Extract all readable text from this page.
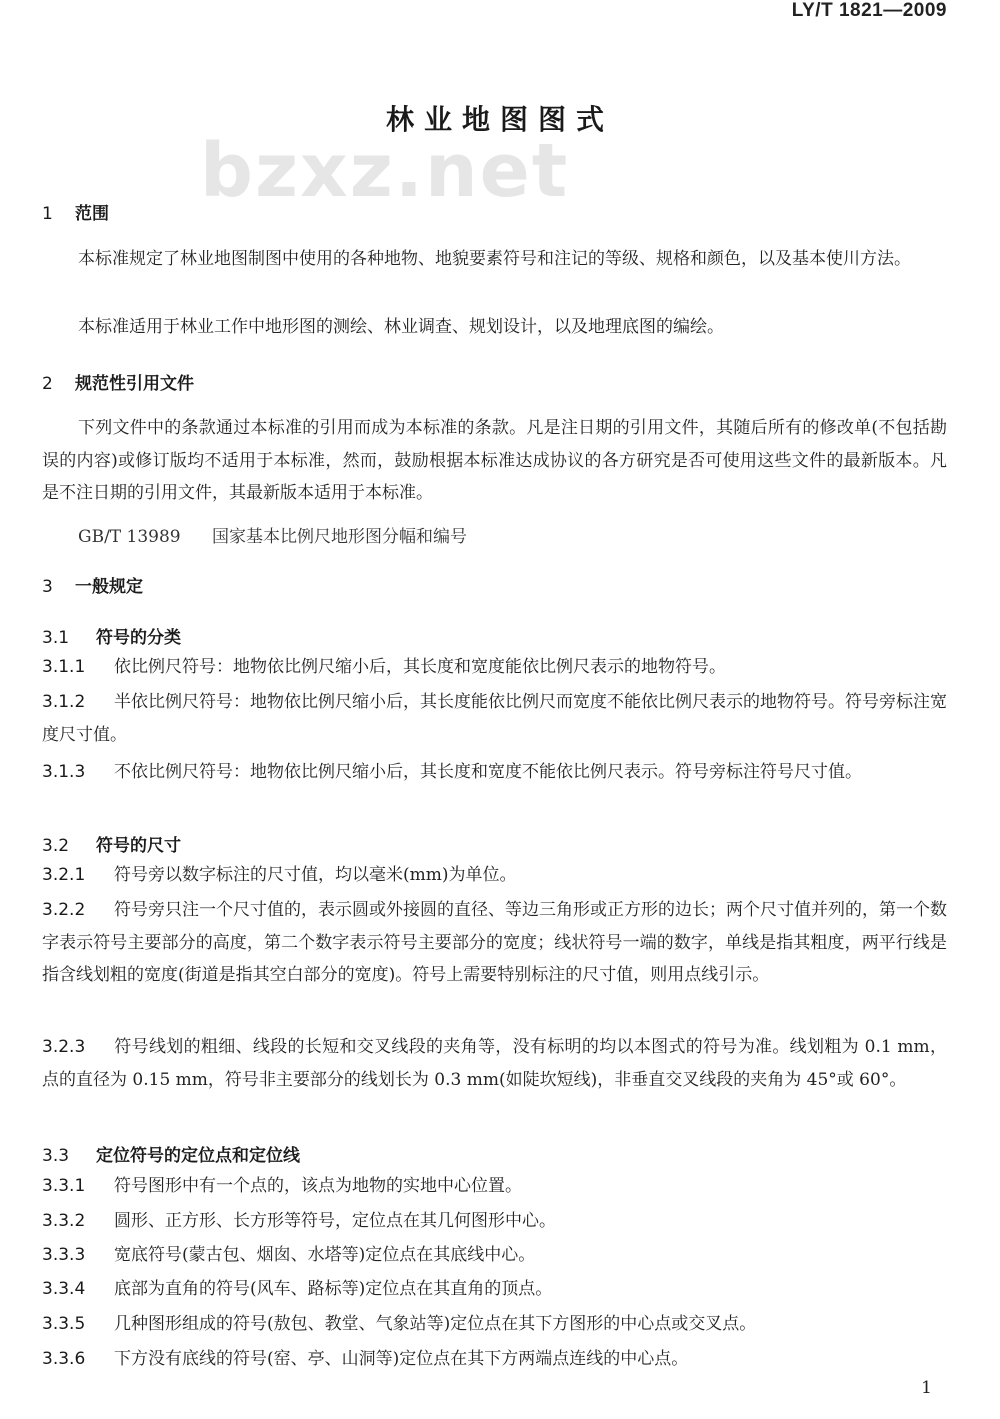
LY/T 1821—2009
bzxz.net
林业地图图式
1 范围

本标准规定了林业地图制图中使用的各种地物、地貌要素符号和注记的等级、规格和颜色，以及基本使川方法。

本标准适用于林业工作中地形图的测绘、林业调查、规划设计，以及地理底图的编绘。

2 规范性引用文件

下列文件中的条款通过本标准的引用而成为本标准的条款。凡是注日期的引用文件，其随后所有的修改单(不包括勘误的内容)或修订版均不适用于本标准，然而，鼓励根据本标准达成协议的各方研究是否可使用这些文件的最新版本。凡是不注日期的引用文件，其最新版本适用于本标准。

GB/T 13989 国家基本比例尺地形图分幅和编号
3 一般规定
3.1 符号的分类

3.1.1 依比例尺符号：地物依比例尺缩小后，其长度和宽度能依比例尺表示的地物符号。

3.1.2 半依比例尺符号：地物依比例尺缩小后，其长度能依比例尺而宽度不能依比例尺表示的地物符号。符号旁标注宽度尺寸值。

3.1.3 不依比例尺符号：地物依比例尺缩小后，其长度和宽度不能依比例尺表示。符号旁标注符号尺寸值。

3.2 符号的尺寸

3.2.1 符号旁以数字标注的尺寸值，均以毫米(mm)为单位。

3.2.2 符号旁只注一个尺寸值的，表示圆或外接圆的直径、等边三角形或正方形的边长；两个尺寸值并列的，第一个数字表示符号主要部分的高度，第二个数字表示符号主要部分的宽度；线状符号一端的数字，单线是指其粗度，两平行线是指含线划粗的宽度(街道是指其空白部分的宽度)。符号上需要特别标注的尺寸值，则用点线引示。

3.2.3 符号线划的粗细、线段的长短和交叉线段的夹角等，没有标明的均以本图式的符号为准。线划粗为 0.1 mm，点的直径为 0.15 mm，符号非主要部分的线划长为 0.3 mm(如陡坎短线)，非垂直交叉线段的夹角为 45°或 60°。

3.3 定位符号的定位点和定位线

3.3.1 符号图形中有一个点的，该点为地物的实地中心位置。

3.3.2 圆形、正方形、长方形等符号，定位点在其几何图形中心。

3.3.3 宽底符号(蒙古包、烟囱、水塔等)定位点在其底线中心。

3.3.4 底部为直角的符号(风车、路标等)定位点在其直角的顶点。

3.3.5 几种图形组成的符号(敖包、教堂、气象站等)定位点在其下方图形的中心点或交叉点。

3.3.6 下方没有底线的符号(窑、亭、山洞等)定位点在其下方两端点连线的中心点。

1
